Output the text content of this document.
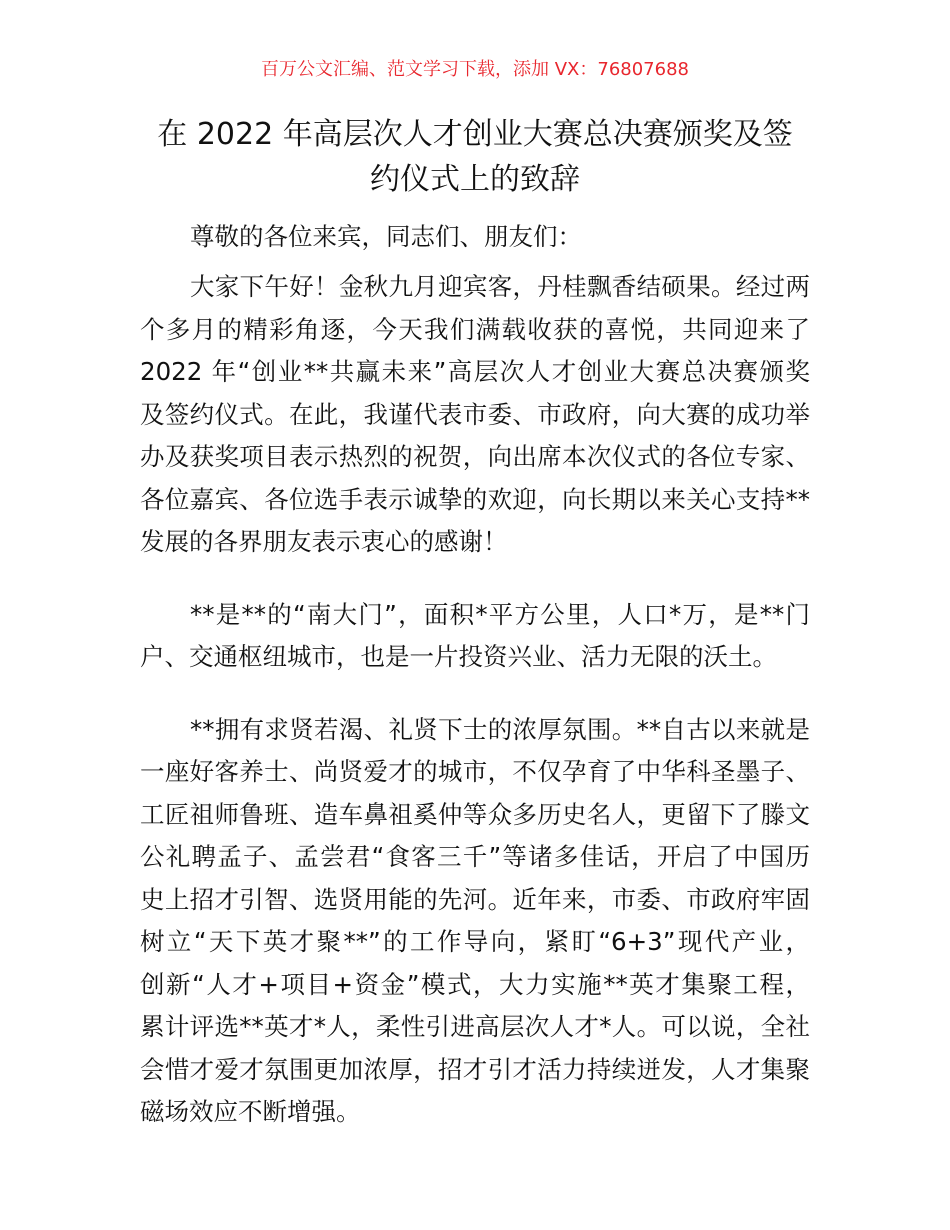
百万公文汇编、范文学习下载，添加 VX：76807688
在 2022 年高层次人才创业大赛总决赛颁奖及签
约仪式上的致辞
尊敬的各位来宾，同志们、朋友们：
大家下午好！金秋九月迎宾客，丹桂飘香结硕果。经过两
个多月的精彩角逐，今天我们满载收获的喜悦，共同迎来了
2022 年“创业**共赢未来”高层次人才创业大赛总决赛颁奖
及签约仪式。在此，我谨代表市委、市政府，向大赛的成功举
办及获奖项目表示热烈的祝贺，向出席本次仪式的各位专家、
各位嘉宾、各位选手表示诚挚的欢迎，向长期以来关心支持**
发展的各界朋友表示衷心的感谢！
**是**的“南大门”，面积*平方公里，人口*万，是**门
户、交通枢纽城市，也是一片投资兴业、活力无限的沃土。
**拥有求贤若渴、礼贤下士的浓厚氛围。**自古以来就是
一座好客养士、尚贤爱才的城市，不仅孕育了中华科圣墨子、
工匠祖师鲁班、造车鼻祖奚仲等众多历史名人，更留下了滕文
公礼聘孟子、孟尝君“食客三千”等诸多佳话，开启了中国历
史上招才引智、选贤用能的先河。近年来，市委、市政府牢固
树立“天下英才聚**”的工作导向，紧盯“6+3”现代产业，
创新“人才+项目+资金”模式，大力实施**英才集聚工程，
累计评选**英才*人，柔性引进高层次人才*人。可以说，全社
会惜才爱才氛围更加浓厚，招才引才活力持续迸发，人才集聚
磁场效应不断增强。
